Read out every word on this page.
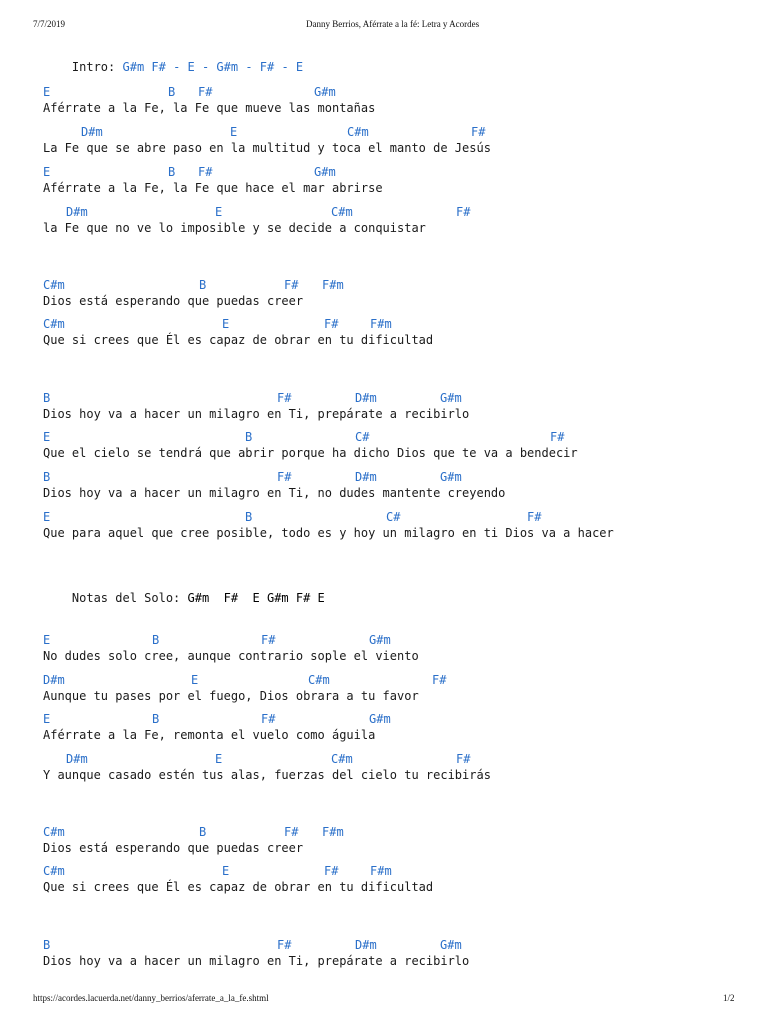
7/7/2019	Danny Berrios, Aférrate a la fé: Letra y Acordes

Intro: G#m F# - E - G#m - F# - E

Notas del Solo: G#m  F#  E G#m F# E

E	B F#	G#m
Aférrate a la Fe, la Fe que mueve las montañas
D#m	E	C#m	F#
La Fe que se abre paso en la multitud y toca el manto de Jesús
E	B F#	G#m
Aférrate a la Fe, la Fe que hace el mar abrirse
D#m	E	C#m	F#
la Fe que no ve lo imposible y se decide a conquistar
C#m	B	F# F#m
Dios está esperando que puedas creer
C#m	E	F#	F#m
Que si crees que Él es capaz de obrar en tu dificultad
B	F#	D#m	G#m
Dios hoy va a hacer un milagro en Ti, prepárate a recibirlo
E	B	C#	F#
Que el cielo se tendrá que abrir porque ha dicho Dios que te va a bendecir
B	F#	D#m	G#m
Dios hoy va a hacer un milagro en Ti, no dudes mantente creyendo
E	B	C#	F#
Que para aquel que cree posible, todo es y hoy un milagro en ti Dios va a hacer
E	B	F#	G#m
No dudes solo cree, aunque contrario sople el viento
D#m	E	C#m	F#
Aunque tu pases por el fuego, Dios obrara a tu favor
E	B	F#	G#m
Aférrate a la Fe, remonta el vuelo como águila
D#m	E	C#m	F#
Y aunque casado estén tus alas, fuerzas del cielo tu recibirás
C#m	B	F# F#m
Dios está esperando que puedas creer
C#m	E	F#	F#m
Que si crees que Él es capaz de obrar en tu dificultad
B	F#	D#m	G#m
Dios hoy va a hacer un milagro en Ti, prepárate a recibirlo

https://acordes.lacuerda.net/danny_berrios/aferrate_a_la_fe.shtml	1/2
